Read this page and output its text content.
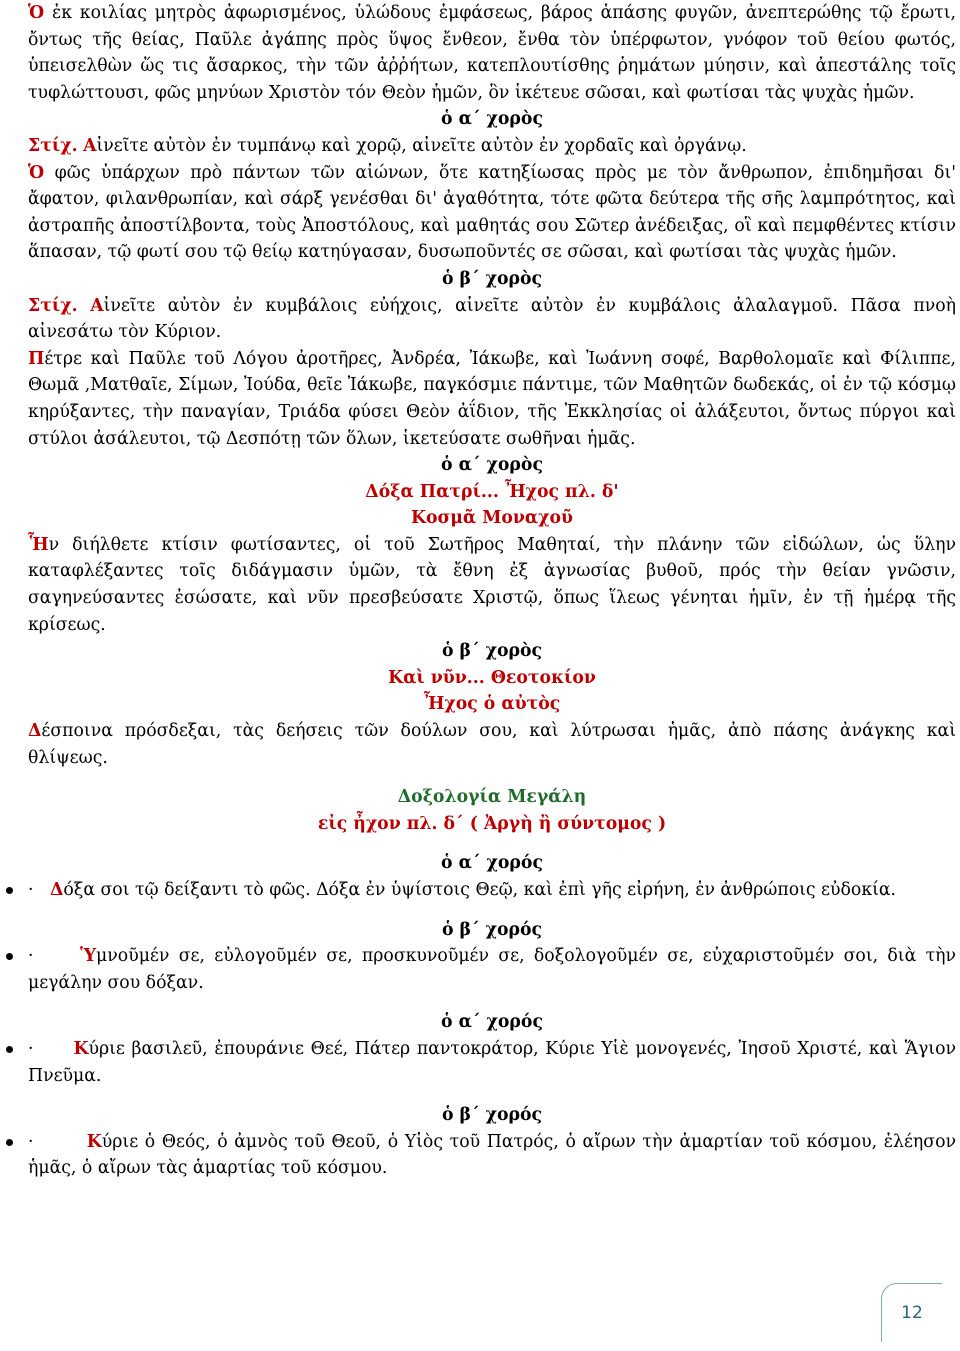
Ὁ ἐκ κοιλίας μητρὸς ἀφωρισμένος, ὑλώδους ἐμφάσεως, βάρος ἁπάσης φυγῶν, ἀνεπτερώθης τῷ ἔρωτι, ὄντως τῆς θείας, Παῦλε ἀγάπης πρὸς ὕψος ἔνθεον, ἔνθα τὸν ὑπέρφωτον, γνόφον τοῦ θείου φωτός, ὑπεισελθὼν ὥς τις ἄσαρκος, τὴν τῶν ἀῤῥήτων, κατεπλουτίσθης ῥημάτων μύησιν, καὶ ἀπεστάλης τοῖς τυφλώττουσι, φῶς μηνύων Χριστὸν τόν Θεὸν ἡμῶν, ὃν ἱκέτευε σῶσαι, καὶ φωτίσαι τὰς ψυχὰς ἡμῶν.

ὁ α΄ χορὸς

Στίχ. Αἰνεῖτε αὐτὸν ἐν τυμπάνῳ καὶ χορῷ, αἰνεῖτε αὐτὸν ἐν χορδαῖς καὶ ὀργάνῳ.

Ὁ φῶς ὑπάρχων πρὸ πάντων τῶν αἰώνων, ὅτε κατηξίωσας πρὸς με τὸν ἄνθρωπον, ἐπιδημῆσαι δι' ἄφατον, φιλανθρωπίαν, καὶ σάρξ γενέσθαι δι' ἀγαθότητα, τότε φῶτα δεύτερα τῆς σῆς λαμπρότητος, καὶ ἀστραπῆς ἀποστίλβοντα, τοὺς Ἀποστόλους, καὶ μαθητάς σου Σῶτερ ἀνέδειξας, οἳ καὶ πεμφθέντες κτίσιν ἅπασαν, τῷ φωτί σου τῷ θείῳ κατηύγασαν, δυσωποῦντές σε σῶσαι, καὶ φωτίσαι τὰς ψυχὰς ἡμῶν.

ὁ β΄ χορὸς

Στίχ. Αἰνεῖτε αὐτὸν ἐν κυμβάλοις εὐήχοις, αἰνεῖτε αὐτὸν ἐν κυμβάλοις ἀλαλαγμοῦ. Πᾶσα πνοὴ αἰνεσάτω τὸν Κύριον.

Πέτρε καὶ Παῦλε τοῦ Λόγου ἀροτῆρες, Ἀνδρέα, Ἰάκωβε, καὶ Ἰωάννη σοφέ, Βαρθολομαῖε καὶ Φίλιππε, Θωμᾶ ,Ματθαῖε, Σίμων, Ἰούδα, θεῖε Ἰάκωβε, παγκόσμιε πάντιμε, τῶν Μαθητῶν δωδεκάς, οἱ ἐν τῷ κόσμῳ κηρύξαντες, τὴν παναγίαν, Τριάδα φύσει Θεὸν ἀΐδιον, τῆς Ἐκκλησίας οἱ ἀλάξευτοι, ὄντως πύργοι καὶ στύλοι ἀσάλευτοι, τῷ Δεσπότῃ τῶν ὅλων, ἱκετεύσατε σωθῆναι ἡμᾶς.

ὁ α΄ χορὸς

Δόξα Πατρί... Ἦχος πλ. δ'

Κοσμᾶ Μοναχοῦ

Ἧν διήλθετε κτίσιν φωτίσαντες, οἱ τοῦ Σωτῆρος Μαθηταί, τὴν πλάνην τῶν εἰδώλων, ὡς ὕλην καταφλέξαντες τοῖς διδάγμασιν ὑμῶν, τὰ ἔθνη ἐξ ἀγνωσίας βυθοῦ, πρός τὴν θείαν γνῶσιν, σαγηνεύσαντες ἐσώσατε, καὶ νῦν πρεσβεύσατε Χριστῷ, ὅπως ἵλεως γένηται ἡμῖν, ἐν τῇ ἡμέρᾳ τῆς κρίσεως.

ὁ β΄ χορὸς

Καὶ νῦν... Θεοτοκίον

Ἦχος ὁ αὐτὸς

Δέσποινα πρόσδεξαι, τὰς δεήσεις τῶν δούλων σου, καὶ λύτρωσαι ἡμᾶς, ἀπὸ πάσης ἀνάγκης καὶ θλίψεως.

Δοξολογία Μεγάλη

εἰς ἦχον πλ. δ΄ ( Ἀργὴ ἢ σύντομος )

ὁ α΄ χορός

·   Δόξα σοι τῷ δείξαντι τὸ φῶς. Δόξα ἐν ὑψίστοις Θεῷ, καὶ ἐπὶ γῆς εἰρήνη, ἐν ἀνθρώποις εὐδοκία.

ὁ β΄ χορός

·     Ὑμνοῦμέν σε, εὐλογοῦμέν σε, προσκυνοῦμέν σε, δοξολογοῦμέν σε, εὐχαριστοῦμέν σοι, διὰ τὴν μεγάλην σου δόξαν.

ὁ α΄ χορός

·      Κύριε βασιλεῦ, ἐπουράνιε Θεέ, Πάτερ παντοκράτορ, Κύριε Υἱὲ μονογενές, Ἰησοῦ Χριστέ, καὶ Ἅγιον Πνεῦμα.

ὁ β΄ χορός

·        Κύριε ὁ Θεός, ὁ ἀμνὸς τοῦ Θεοῦ, ὁ Υἱὸς τοῦ Πατρός, ὁ αἴρων τὴν ἁμαρτίαν τοῦ κόσμου, ἐλέησον ἡμᾶς, ὁ αἴρων τὰς ἁμαρτίας τοῦ κόσμου.

12
